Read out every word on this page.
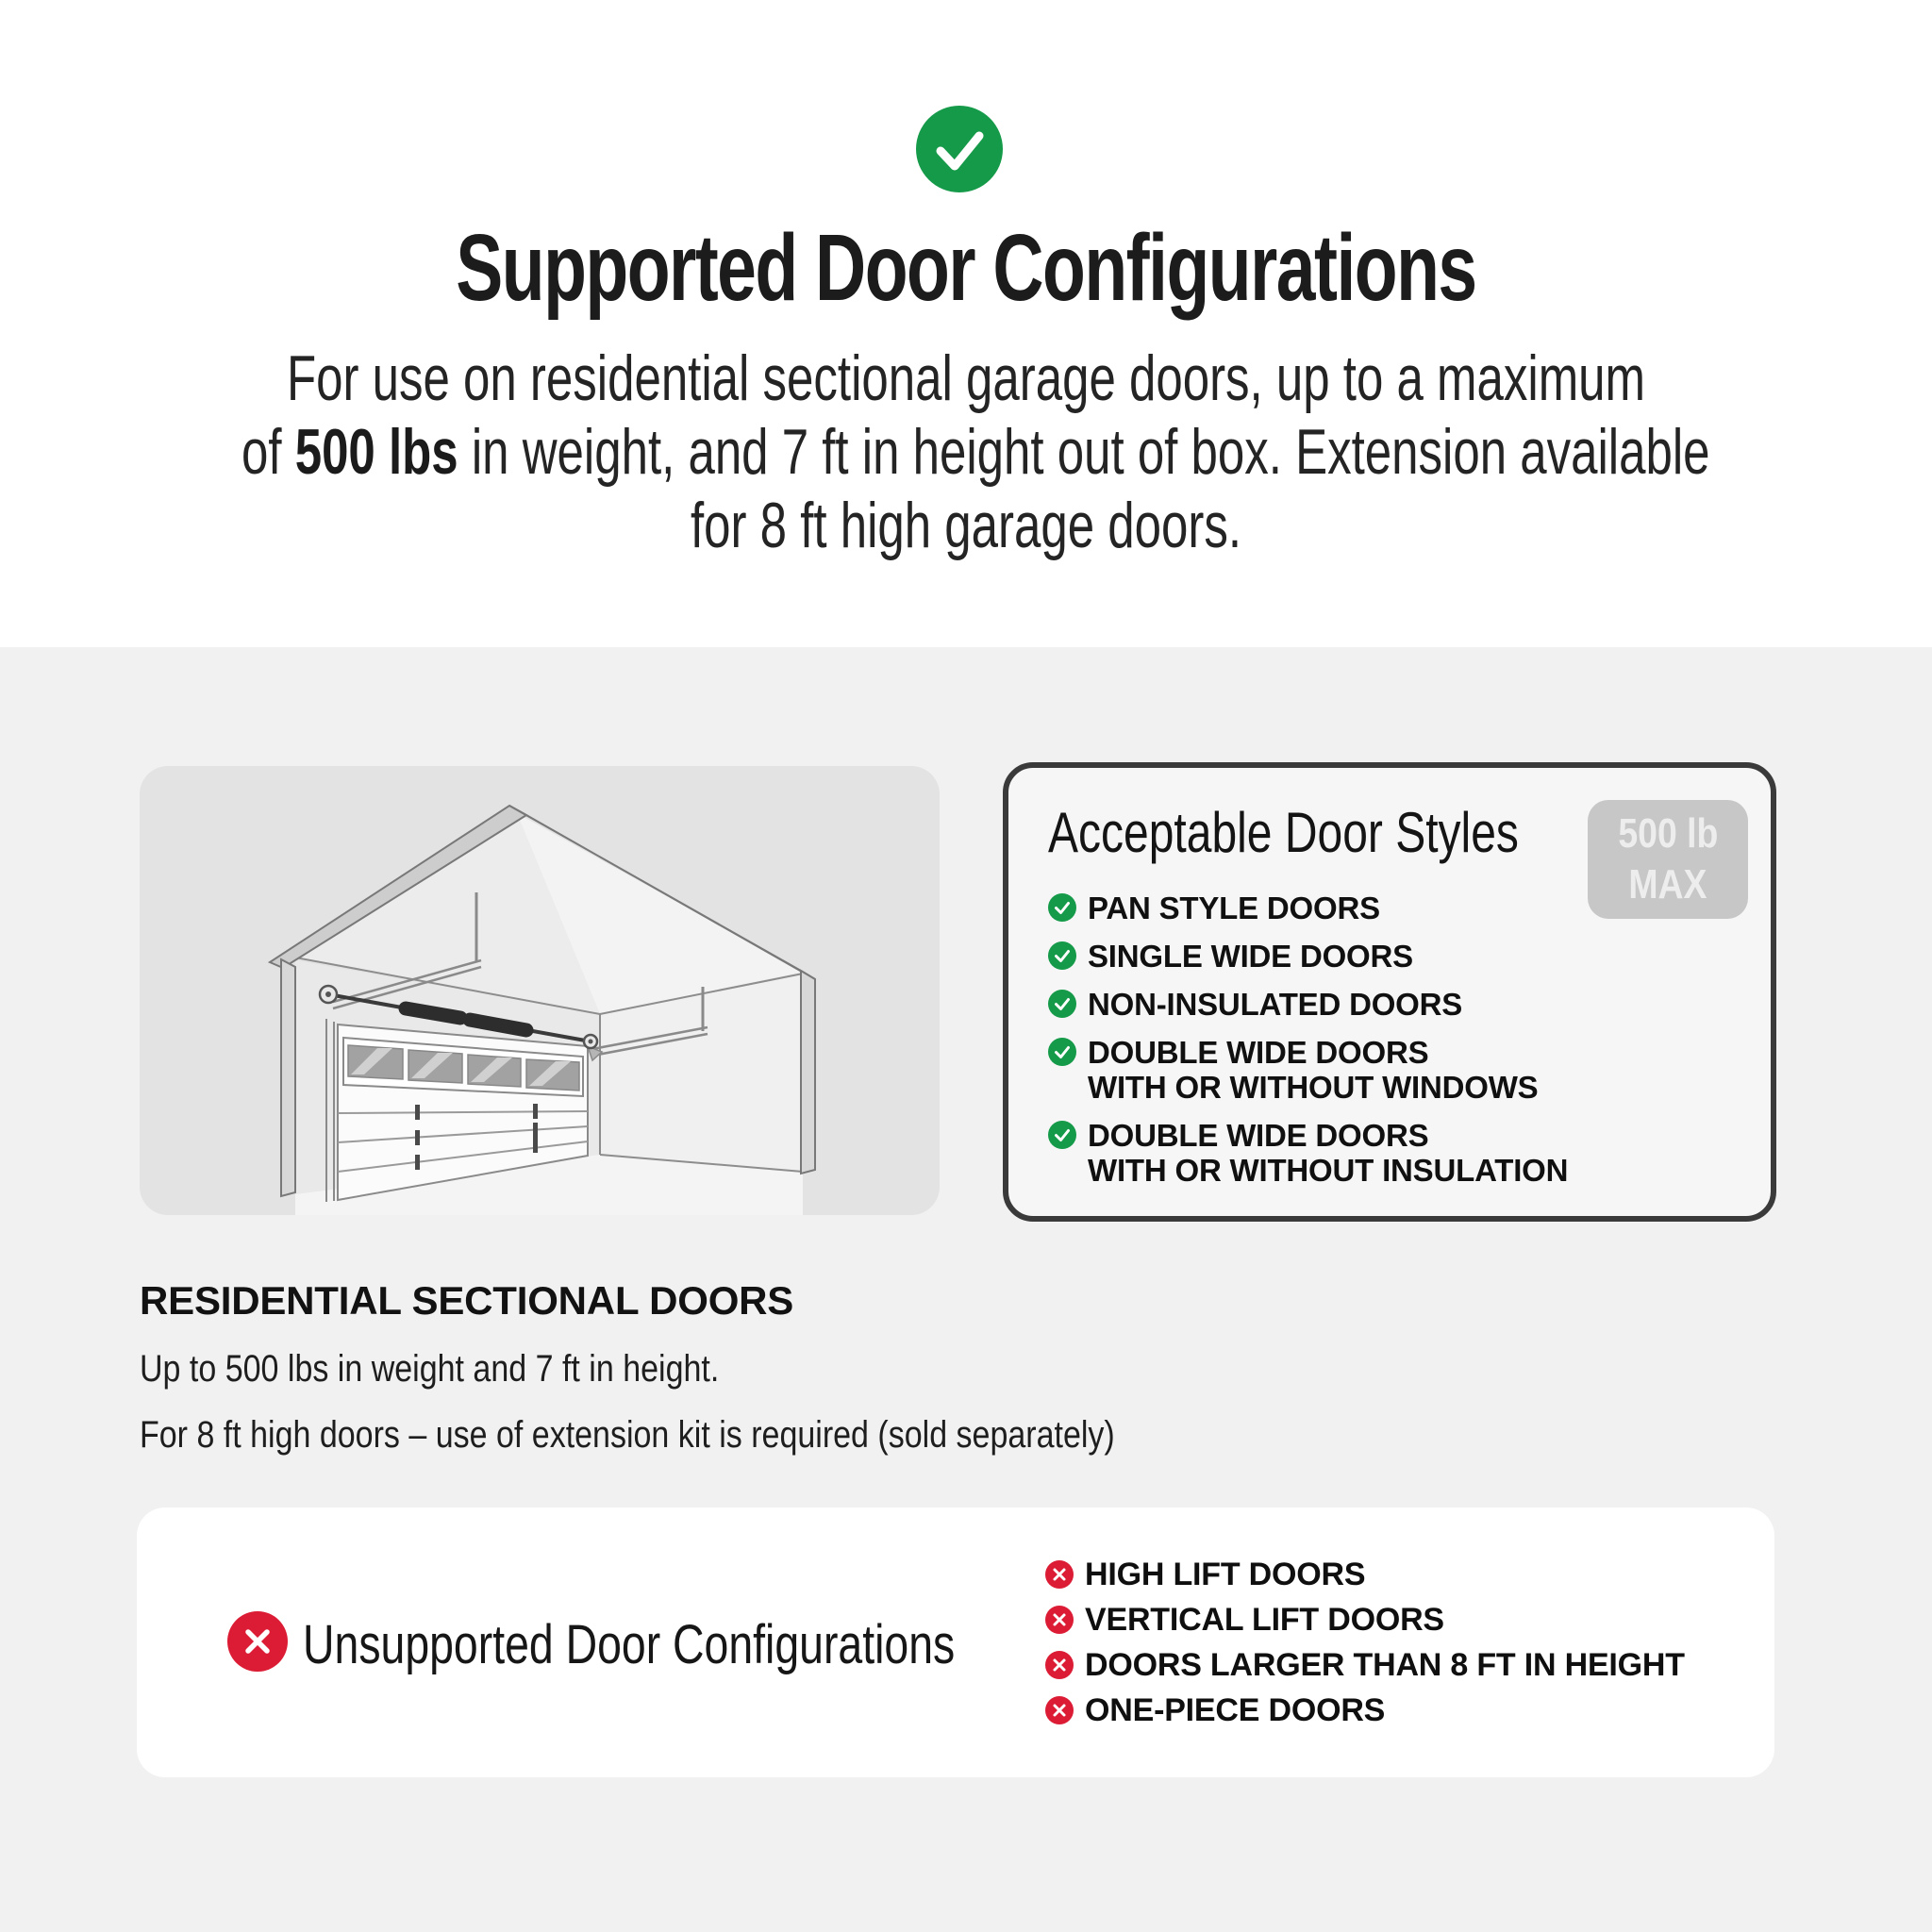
Supported Door Configurations
For use on residential sectional garage doors, up to a maximum
of 500 lbs in weight, and 7 ft in height out of box. Extension available
for 8 ft high garage doors.
Acceptable Door Styles	500 lb
MAX
PAN STYLE DOORS
SINGLE WIDE DOORS
NON-INSULATED DOORS
DOUBLE WIDE DOORS
WITH OR WITHOUT WINDOWS
DOUBLE WIDE DOORS
WITH OR WITHOUT INSULATION
RESIDENTIAL SECTIONAL DOORS
Up to 500 lbs in weight and 7 ft in height.
For 8 ft high doors – use of extension kit is required (sold separately)
Unsupported Door Configurations
HIGH LIFT DOORS
VERTICAL LIFT DOORS
DOORS LARGER THAN 8 FT IN HEIGHT
ONE-PIECE DOORS
